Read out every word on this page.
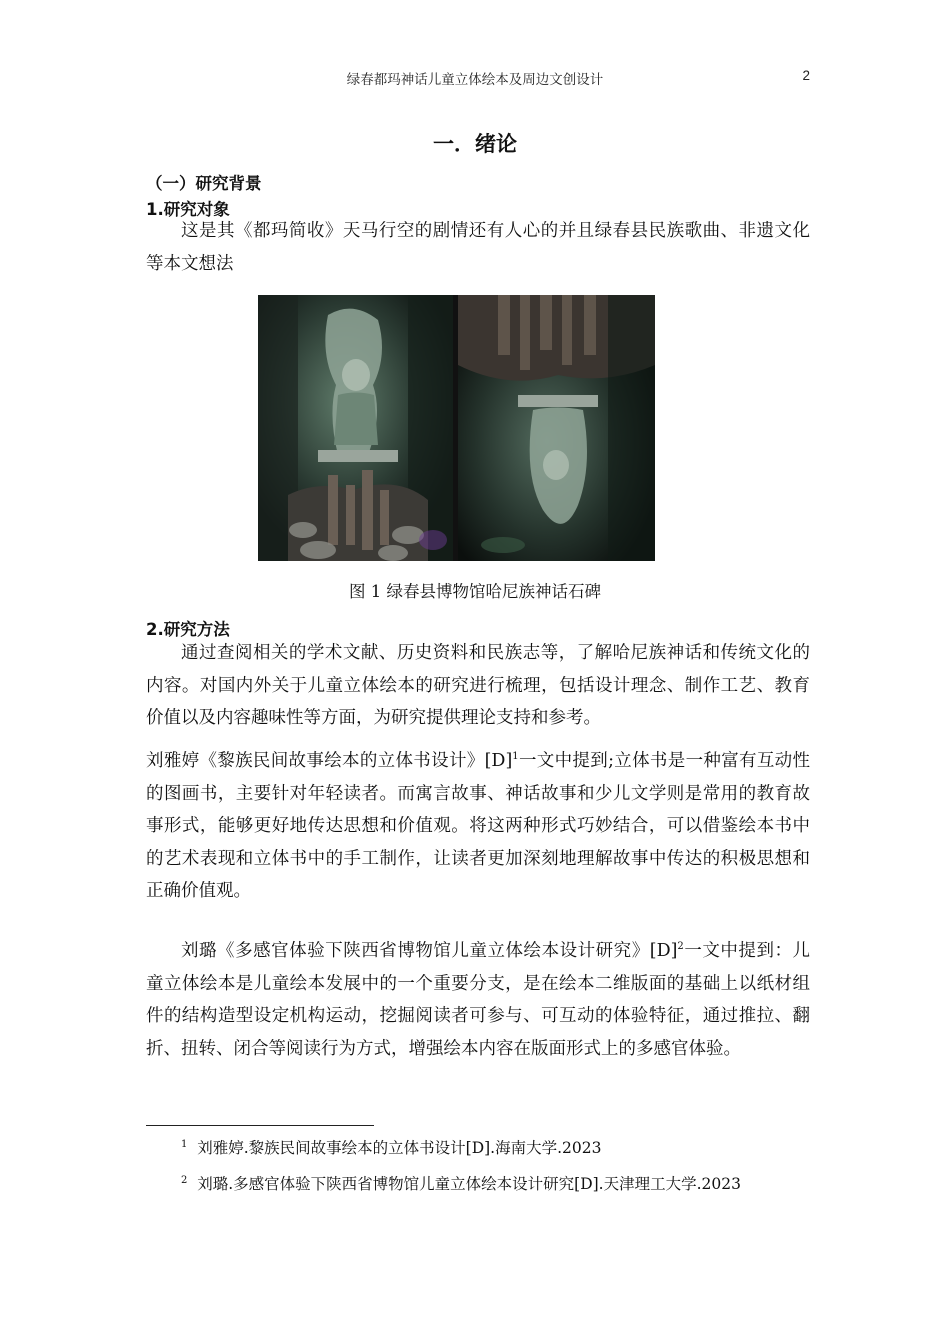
绿春都玛神话儿童立体绘本及周边文创设计	2
一．绪论
（一）研究背景
1.研究对象

这是其《都玛简收》天马行空的剧情还有人心的并且绿春县民族歌曲、非遗文化等本文想法

图 1 绿春县博物馆哈尼族神话石碑
2.研究方法

通过查阅相关的学术文献、历史资料和民族志等，了解哈尼族神话和传统文化的内容。对国内外关于儿童立体绘本的研究进行梳理，包括设计理念、制作工艺、教育价值以及内容趣味性等方面，为研究提供理论支持和参考。

刘雅婷《黎族民间故事绘本的立体书设计》$[D]^1$一文中提到;立体书是一种富有互动性的图画书，主要针对年轻读者。而寓言故事、神话故事和少儿文学则是常用的教育故事形式，能够更好地传达思想和价值观。将这两种形式巧妙结合，可以借鉴绘本书中的艺术表现和立体书中的手工制作，让读者更加深刻地理解故事中传达的积极思想和正确价值观。

刘璐《多感官体验下陕西省博物馆儿童立体绘本设计研究》$[D]^2$一文中提到：儿童立体绘本是儿童绘本发展中的一个重要分支，是在绘本二维版面的基础上以纸材组件的结构造型设定机构运动，挖掘阅读者可参与、可互动的体验特征，通过推拉、翻折、扭转、闭合等阅读行为方式，增强绘本内容在版面形式上的多感官体验。

$^1$ 刘雅婷.黎族民间故事绘本的立体书设计[D].海南大学.2023

$^2$ 刘璐.多感官体验下陕西省博物馆儿童立体绘本设计研究[D].天津理工大学.2023
